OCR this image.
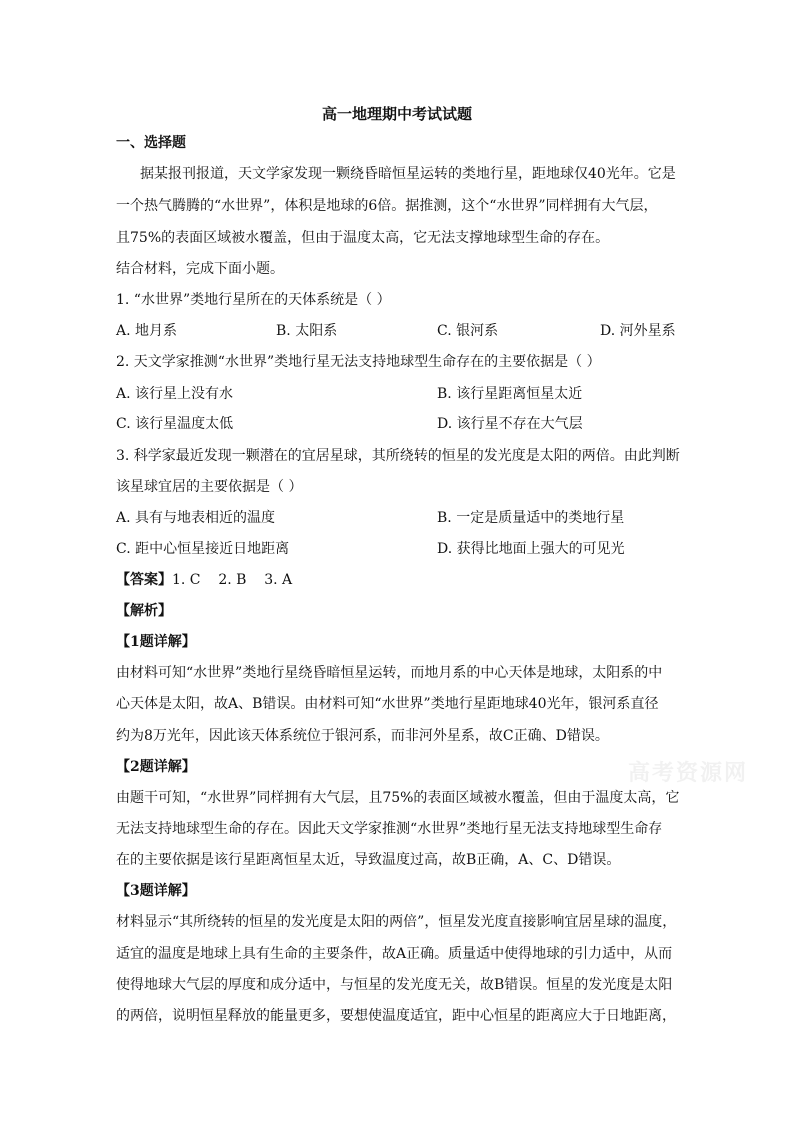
高一地理期中考试试题
一、选择题
据某报刊报道，天文学家发现一颗绕昏暗恒星运转的类地行星，距地球仅40光年。它是
一个热气腾腾的“水世界”，体积是地球的6倍。据推测，这个“水世界”同样拥有大气层，
且75%的表面区域被水覆盖，但由于温度太高，它无法支撑地球型生命的存在。
结合材料，完成下面小题。
1. “水世界”类地行星所在的天体系统是（ ）
A. 地月系	B. 太阳系	C. 银河系	D. 河外星系
2. 天文学家推测“水世界”类地行星无法支持地球型生命存在的主要依据是（ ）
A. 该行星上没有水	B. 该行星距离恒星太近
C. 该行星温度太低	D. 该行星不存在大气层
3. 科学家最近发现一颗潜在的宜居星球，其所绕转的恒星的发光度是太阳的两倍。由此判断
该星球宜居的主要依据是（ ）
A. 具有与地表相近的温度	B. 一定是质量适中的类地行星
C. 距中心恒星接近日地距离	D. 获得比地面上强大的可见光
【答案】1. C    2. B    3. A
【解析】
【1题详解】
由材料可知“水世界”类地行星绕昏暗恒星运转，而地月系的中心天体是地球，太阳系的中
心天体是太阳，故A、B错误。由材料可知“水世界”类地行星距地球40光年，银河系直径
约为8万光年，因此该天体系统位于银河系，而非河外星系，故C正确、D错误。
【2题详解】
由题干可知，“水世界”同样拥有大气层，且75%的表面区域被水覆盖，但由于温度太高，它
无法支持地球型生命的存在。因此天文学家推测“水世界”类地行星无法支持地球型生命存
在的主要依据是该行星距离恒星太近，导致温度过高，故B正确，A、C、D错误。
【3题详解】
材料显示“其所绕转的恒星的发光度是太阳的两倍”，恒星发光度直接影响宜居星球的温度，
适宜的温度是地球上具有生命的主要条件，故A正确。质量适中使得地球的引力适中，从而
使得地球大气层的厚度和成分适中，与恒星的发光度无关，故B错误。恒星的发光度是太阳
的两倍，说明恒星释放的能量更多，要想使温度适宜，距中心恒星的距离应大于日地距离，
高考资源网
